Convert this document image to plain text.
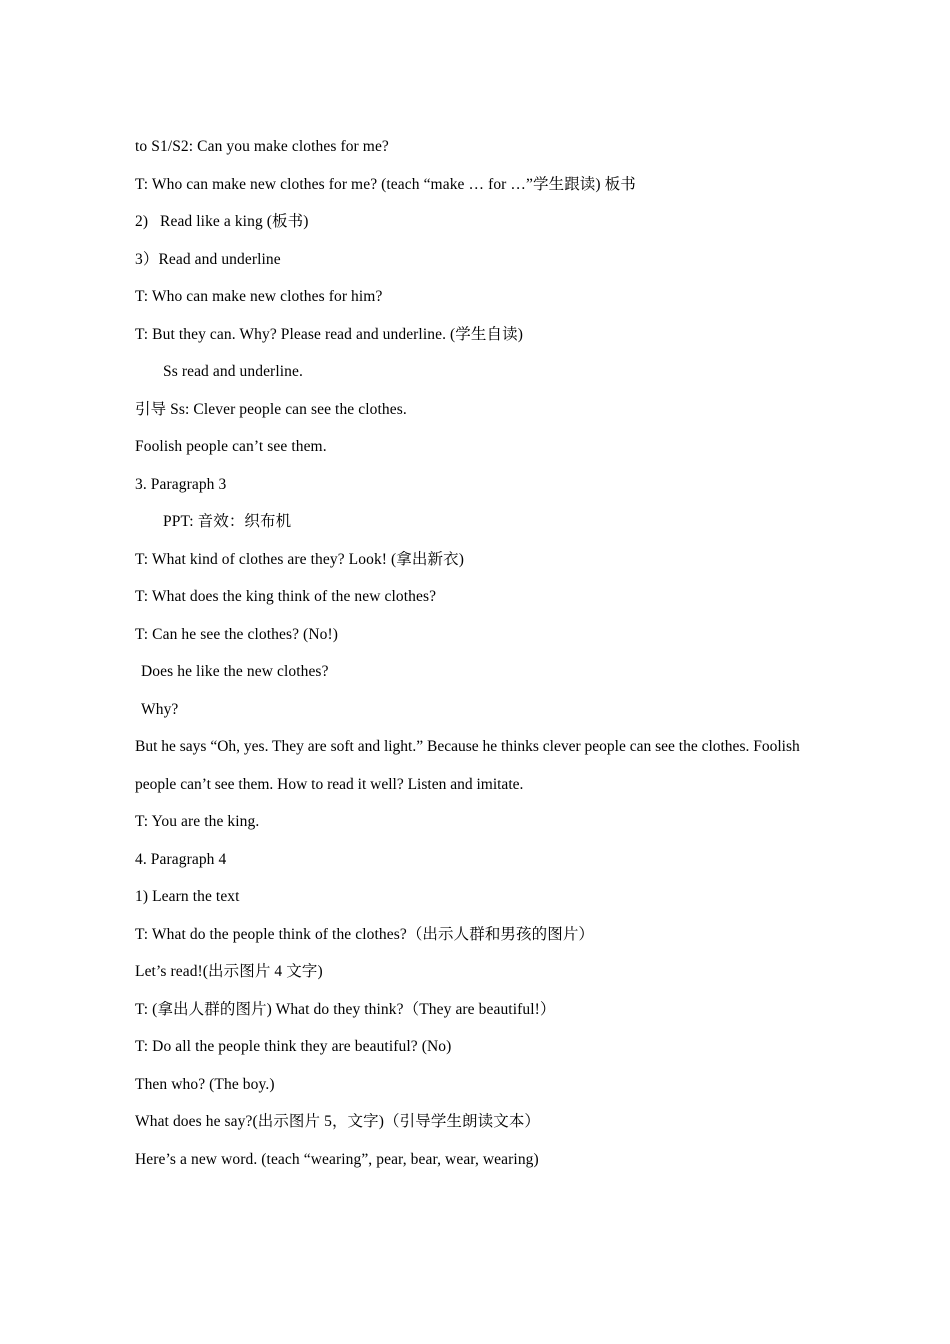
to S1/S2: Can you make clothes for me?
T: Who can make new clothes for me? (teach “make … for …”学生跟读) 板书
2)   Read like a king (板书)
3）Read and underline
T: Who can make new clothes for him?
T: But they can. Why? Please read and underline. (学生自读)
Ss read and underline.
引导 Ss: Clever people can see the clothes.
Foolish people can’t see them.
3. Paragraph 3
PPT: 音效：织布机
T: What kind of clothes are they? Look! (拿出新衣)
T: What does the king think of the new clothes?
T: Can he see the clothes? (No!)
Does he like the new clothes?
Why?
But he says “Oh, yes. They are soft and light.” Because he thinks clever people can see the clothes. Foolish people can’t see them. How to read it well? Listen and imitate.
T: You are the king.
4. Paragraph 4
1) Learn the text
T: What do the people think of the clothes?（出示人群和男孩的图片）
Let’s read!(出示图片 4 文字)
T: (拿出人群的图片) What do they think?（They are beautiful!）
T: Do all the people think they are beautiful? (No)
Then who? (The boy.)
What does he say?(出示图片 5，文字)（引导学生朗读文本）
Here’s a new word. (teach “wearing”, pear, bear, wear, wearing)
